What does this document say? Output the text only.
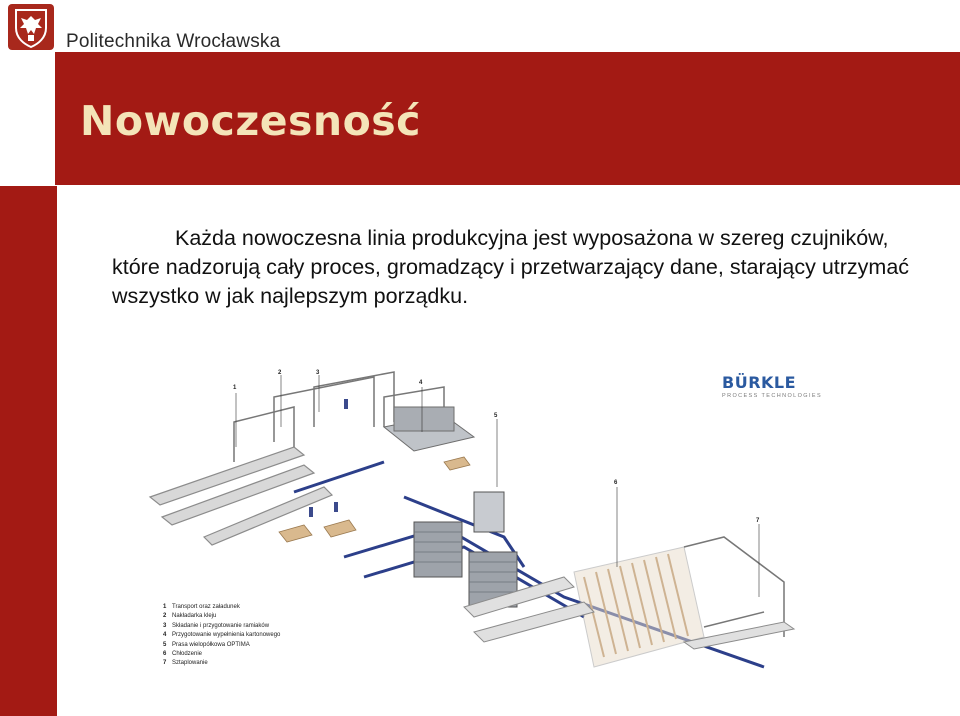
Politechnika Wrocławska
Nowoczesność

Każda nowoczesna linia produkcyjna jest wyposażona w szereg czujników, które nadzorują cały proces, gromadzący i przetwarzający dane, starający utrzymać wszystko w jak najlepszym porządku.

1
2	3
4
5
6
7
BÜRKLE
PROCESS TECHNOLOGIES
1 Transport oraz załadunek
2 Nakładarka kleju
3 Składanie i przygotowanie ramiaków
4 Przygotowanie wypełnienia kartonowego
5 Prasa wielopółkowa OPTIMA
6 Chłodzenie
7 Sztaplowanie
